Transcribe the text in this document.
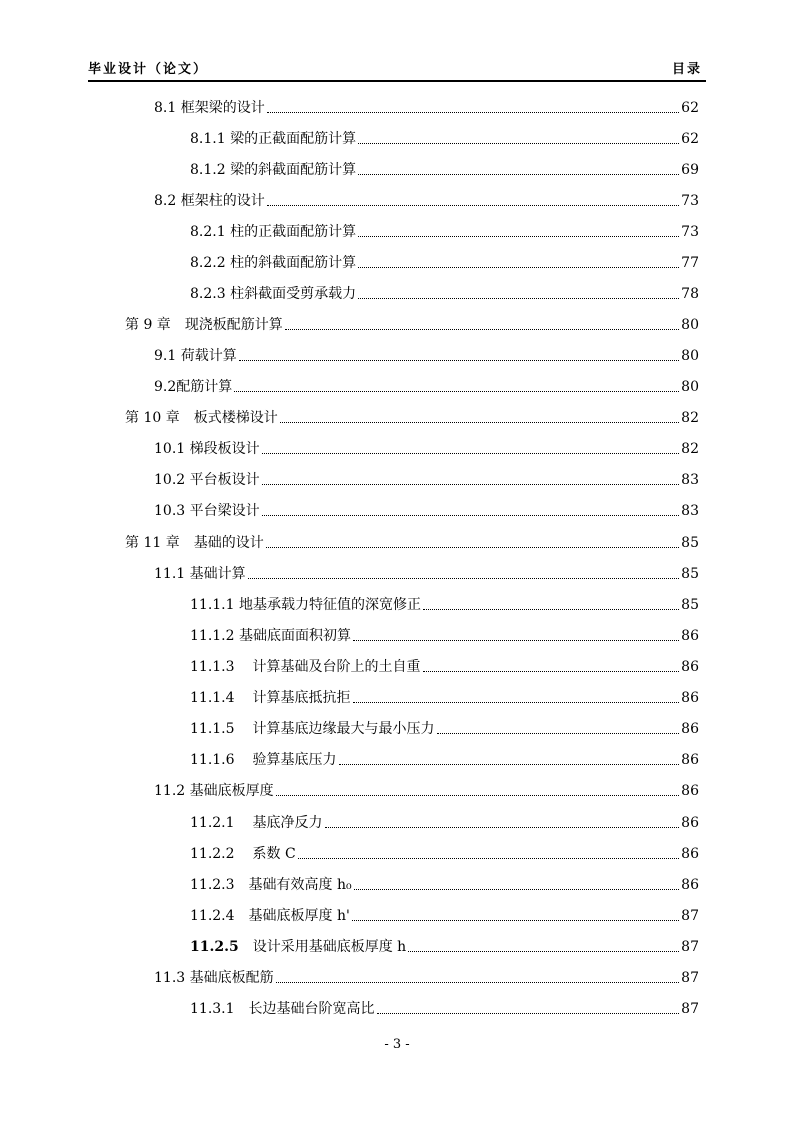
毕业设计（论文）	目录
8.1 框架梁的设计	62
8.1.1 梁的正截面配筋计算	62
8.1.2 梁的斜截面配筋计算	69
8.2 框架柱的设计	73
8.2.1 柱的正截面配筋计算	73
8.2.2 柱的斜截面配筋计算	77
8.2.3 柱斜截面受剪承载力	78
第 9 章	现浇板配筋计算	80
9.1 荷载计算	80
9.2 配筋计算	80
第 10 章	板式楼梯设计	82
10.1 梯段板设计	82
10.2 平台板设计	83
10.3 平台梁设计	83
第 11 章	基础的设计	85
11.1 基础计算	85
11.1.1 地基承载力特征值的深宽修正	85
11.1.2 基础底面面积初算	86
11.1.3	计算基础及台阶上的土自重	86
11.1.4	计算基底抵抗拒	86
11.1.5	计算基底边缘最大与最小压力	86
11.1.6	验算基底压力	86
11.2 基础底板厚度	86
11.2.1	基底净反力	86
11.2.2	系数 C	86
11.2.3	基础有效高度 h₀	86
11.2.4	基础底板厚度 h'	87
11.2.5	设计采用基础底板厚度 h	87
11.3 基础底板配筋	87
11.3.1	长边基础台阶宽高比	87
- 3 -
